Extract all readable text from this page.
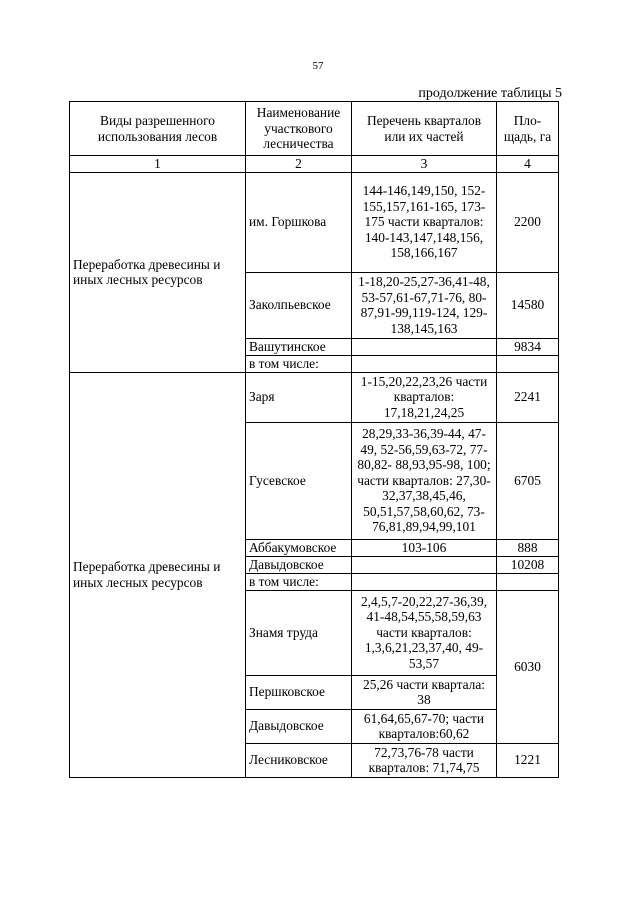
57
продолжение таблицы 5
Виды разрешенного использования лесов	Наименование участкового лесничества	Перечень кварталов или их частей	Пло-щадь, га
1	2	3	4
Переработка древесины и иных лесных ресурсов	им. Горшкова	144-146,149,150, 152-155,157,161-165, 173-175 части кварталов: 140-143,147,148,156, 158,166,167	2200
	Заколпьевское	1-18,20-25,27-36,41-48, 53-57,61-67,71-76, 80-87,91-99,119-124, 129-138,145,163	14580
	Вашутинское		9834
	в том числе:		
Переработка древесины и иных лесных ресурсов	Заря	1-15,20,22,23,26 части кварталов: 17,18,21,24,25	2241
	Гусевское	28,29,33-36,39-44, 47-49, 52-56,59,63-72, 77-80,82- 88,93,95-98, 100; части кварталов: 27,30-32,37,38,45,46, 50,51,57,58,60,62, 73-76,81,89,94,99,101	6705
	Аббакумовское	103-106	888
	Давыдовское		10208
	в том числе:		
	Знамя труда	2,4,5,7-20,22,27-36,39, 41-48,54,55,58,59,63 части кварталов: 1,3,6,21,23,37,40, 49-53,57	6030
	Першковское	25,26 части квартала: 38	
	Давыдовское	61,64,65,67-70; части кварталов:60,62	
	Лесниковское	72,73,76-78 части кварталов: 71,74,75	1221
